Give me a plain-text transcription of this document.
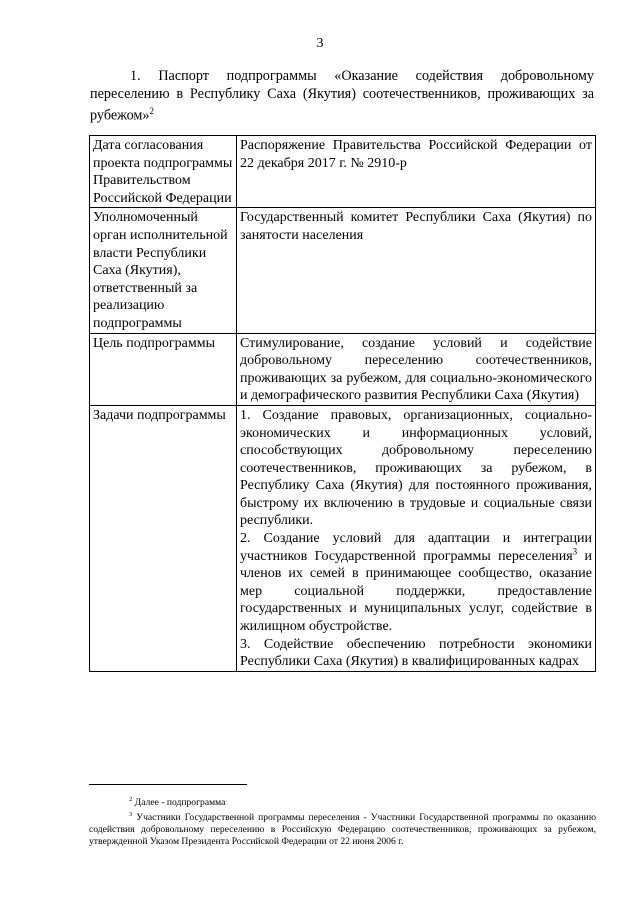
3
1. Паспорт подпрограммы «Оказание содействия добровольному переселению в Республику Саха (Якутия) соотечественников, проживающих за рубежом»$^2$
Дата согласования проекта подпрограммы Правительством Российской Федерации	Распоряжение Правительства Российской Федерации от 22 декабря 2017 г. № 2910-р
Уполномоченный орган исполнительной власти Республики Саха (Якутия), ответственный за реализацию подпрограммы	Государственный комитет Республики Саха (Якутия) по занятости населения
Цель подпрограммы	Стимулирование, создание условий и содействие добровольному переселению соотечественников, проживающих за рубежом, для социально-экономического и демографического развития Республики Саха (Якутия)
Задачи подпрограммы	1. Создание правовых, организационных, социально-экономических и информационных условий, способствующих добровольному переселению соотечественников, проживающих за рубежом, в Республику Саха (Якутия) для постоянного проживания, быстрому их включению в трудовые и социальные связи республики.
2. Создание условий для адаптации и интеграции участников Государственной программы переселения$^3$ и членов их семей в принимающее сообщество, оказание мер социальной поддержки, предоставление государственных и муниципальных услуг, содействие в жилищном обустройстве.
3. Содействие обеспечению потребности экономики Республики Саха (Якутия) в квалифицированных кадрах

$^2$ Далее - подпрограмма

$^3$ Участники Государственной программы переселения - Участники Государственной программы по оказанию содействия добровольному переселению в Российскую Федерацию соотечественников, проживающих за рубежом, утвержденной Указом Президента Российской Федерации от 22 июня 2006 г.
